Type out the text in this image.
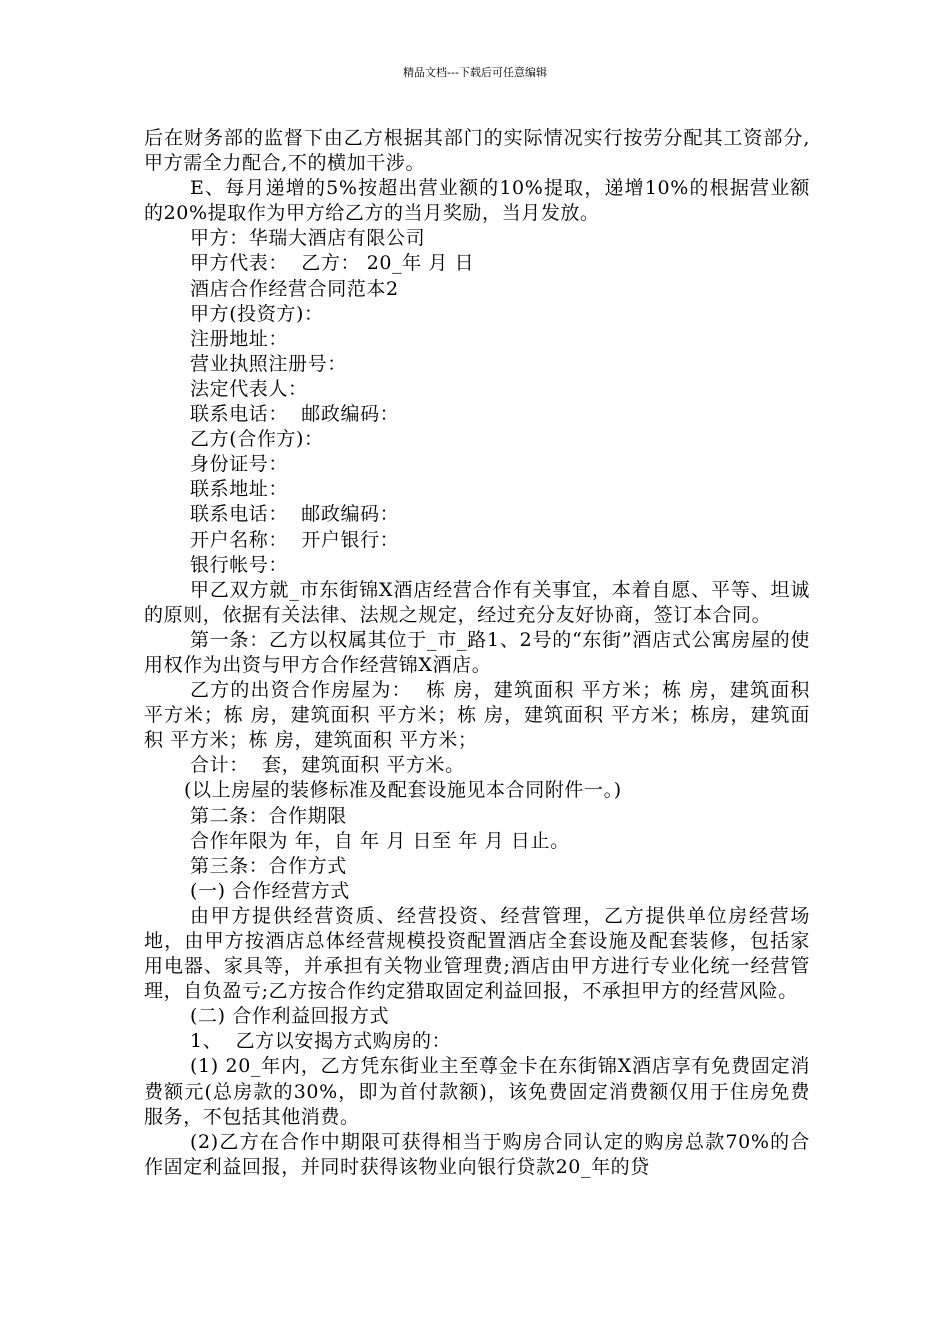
精品文档---下载后可任意编辑

后在财务部的监督下由乙方根据其部门的实际情况实行按劳分配其工资部分,甲方需全力配合,不的横加干涉。

E、每月递增的5%按超出营业额的10%提取，递增10%的根据营业额的20%提取作为甲方给乙方的当月奖励，当月发放。

甲方：华瑞大酒店有限公司

甲方代表：  乙方： 20_年 月 日

酒店合作经营合同范本2

甲方(投资方)：

注册地址：

营业执照注册号：

法定代表人：

联系电话：  邮政编码：

乙方(合作方)：

身份证号：

联系地址：

联系电话：  邮政编码：

开户名称：  开户银行：

银行帐号：

甲乙双方就_市东街锦X酒店经营合作有关事宜，本着自愿、平等、坦诚的原则，依据有关法律、法规之规定，经过充分友好协商，签订本合同。

第一条：乙方以权属其位于_市_路1、2号的“东街”酒店式公寓房屋的使用权作为出资与甲方合作经营锦X酒店。

乙方的出资合作房屋为：  栋 房，建筑面积 平方米；栋 房，建筑面积 平方米；栋 房，建筑面积 平方米；栋 房，建筑面积 平方米；栋房，建筑面积 平方米；栋 房，建筑面积 平方米；

合计：  套，建筑面积 平方米。

(以上房屋的装修标准及配套设施见本合同附件一。)

第二条：合作期限

合作年限为 年，自 年 月 日至 年 月 日止。

第三条：合作方式

(一) 合作经营方式

由甲方提供经营资质、经营投资、经营管理，乙方提供单位房经营场地，由甲方按酒店总体经营规模投资配置酒店全套设施及配套装修，包括家用电器、家具等，并承担有关物业管理费;酒店由甲方进行专业化统一经营管理，自负盈亏;乙方按合作约定猎取固定利益回报，不承担甲方的经营风险。

(二) 合作利益回报方式

1、  乙方以安揭方式购房的：

(1) 20_年内，乙方凭东街业主至尊金卡在东街锦X酒店享有免费固定消费额元(总房款的30%，即为首付款额)，该免费固定消费额仅用于住房免费服务，不包括其他消费。

(2)乙方在合作中期限可获得相当于购房合同认定的购房总款70%的合作固定利益回报，并同时获得该物业向银行贷款20_年的贷
